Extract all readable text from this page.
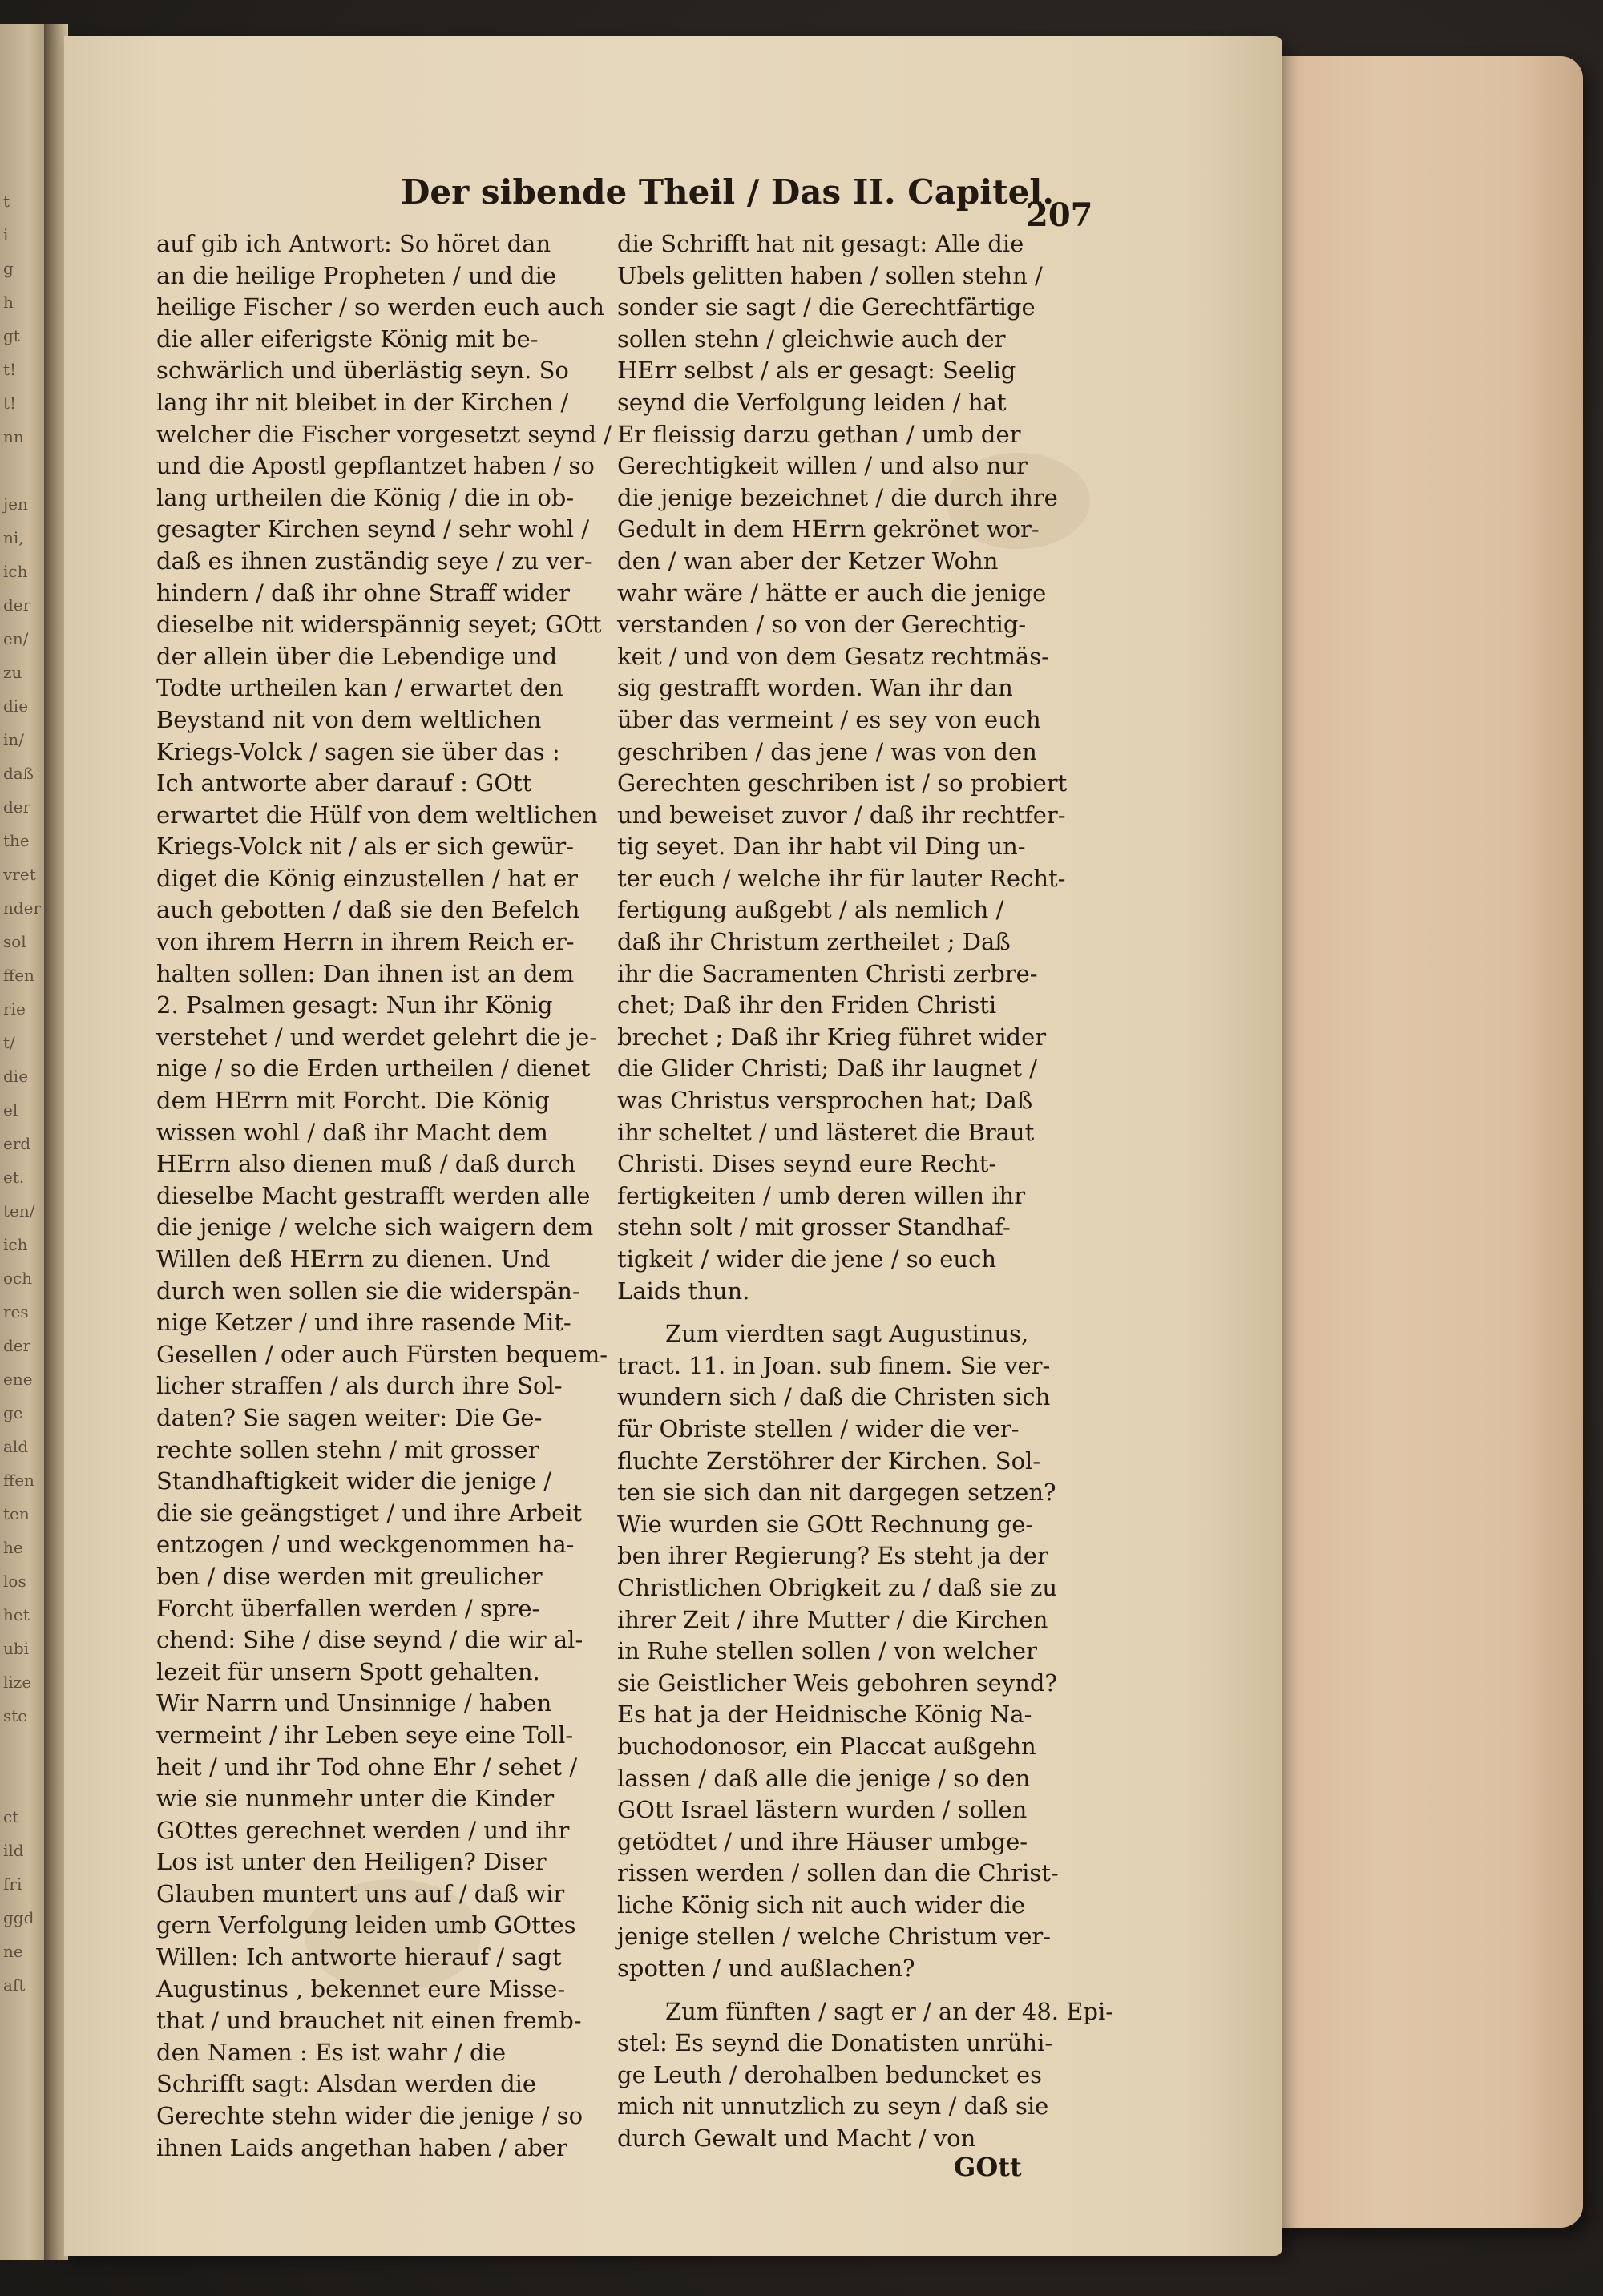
t
i
g
h
gt
t!
t!
nn
jen
ni,
ich
der
en/
zu
die
in/
daß
der
the
vret
nder
sol
ffen
rie
t/
die
el
erd
et.
ten/
ich
och
res
der
ene
ge
ald
ffen
ten
he
los
het
ubi
lize
ste
ct
ild
fri
ggd
ne
aft
Der sibende Theil / Das II. Capitel.
207
auf gib ich Antwort: So höret dan
an die heilige Propheten / und die
heilige Fischer / so werden euch auch
die aller eiferigste König mit be-
schwärlich und überlästig seyn. So
lang ihr nit bleibet in der Kirchen /
welcher die Fischer vorgesetzt seynd /
und die Apostl gepflantzet haben / so
lang urtheilen die König / die in ob-
gesagter Kirchen seynd / sehr wohl /
daß es ihnen zuständig seye / zu ver-
hindern / daß ihr ohne Straff wider
dieselbe nit widerspännig seyet; GOtt
der allein über die Lebendige und
Todte urtheilen kan / erwartet den
Beystand nit von dem weltlichen
Kriegs-Volck / sagen sie über das :
Ich antworte aber darauf : GOtt
erwartet die Hülf von dem weltlichen
Kriegs-Volck nit / als er sich gewür-
diget die König einzustellen / hat er
auch gebotten / daß sie den Befelch
von ihrem Herrn in ihrem Reich er-
halten sollen: Dan ihnen ist an dem
2. Psalmen gesagt: Nun ihr König
verstehet / und werdet gelehrt die je-
nige / so die Erden urtheilen / dienet
dem HErrn mit Forcht. Die König
wissen wohl / daß ihr Macht dem
HErrn also dienen muß / daß durch
dieselbe Macht gestrafft werden alle
die jenige / welche sich waigern dem
Willen deß HErrn zu dienen. Und
durch wen sollen sie die widerspän-
nige Ketzer / und ihre rasende Mit-
Gesellen / oder auch Fürsten bequem-
licher straffen / als durch ihre Sol-
daten? Sie sagen weiter: Die Ge-
rechte sollen stehn / mit grosser
Standhaftigkeit wider die jenige /
die sie geängstiget / und ihre Arbeit
entzogen / und weckgenommen ha-
ben / dise werden mit greulicher
Forcht überfallen werden / spre-
chend: Sihe / dise seynd / die wir al-
lezeit für unsern Spott gehalten.
Wir Narrn und Unsinnige / haben
vermeint / ihr Leben seye eine Toll-
heit / und ihr Tod ohne Ehr / sehet /
wie sie nunmehr unter die Kinder
GOttes gerechnet werden / und ihr
Los ist unter den Heiligen? Diser
Glauben muntert uns auf / daß wir
gern Verfolgung leiden umb GOttes
Willen: Ich antworte hierauf / sagt
Augustinus , bekennet eure Misse-
that / und brauchet nit einen fremb-
den Namen : Es ist wahr / die
Schrifft sagt: Alsdan werden die
Gerechte stehn wider die jenige / so
ihnen Laids angethan haben / aber
die Schrifft hat nit gesagt: Alle die
Ubels gelitten haben / sollen stehn /
sonder sie sagt / die Gerechtfärtige
sollen stehn / gleichwie auch der
HErr selbst / als er gesagt: Seelig
seynd die Verfolgung leiden / hat
Er fleissig darzu gethan / umb der
Gerechtigkeit willen / und also nur
die jenige bezeichnet / die durch ihre
Gedult in dem HErrn gekrönet wor-
den / wan aber der Ketzer Wohn
wahr wäre / hätte er auch die jenige
verstanden / so von der Gerechtig-
keit / und von dem Gesatz rechtmäs-
sig gestrafft worden. Wan ihr dan
über das vermeint / es sey von euch
geschriben / das jene / was von den
Gerechten geschriben ist / so probiert
und beweiset zuvor / daß ihr rechtfer-
tig seyet. Dan ihr habt vil Ding un-
ter euch / welche ihr für lauter Recht-
fertigung außgebt / als nemlich /
daß ihr Christum zertheilet ; Daß
ihr die Sacramenten Christi zerbre-
chet; Daß ihr den Friden Christi
brechet ; Daß ihr Krieg führet wider
die Glider Christi; Daß ihr laugnet /
was Christus versprochen hat; Daß
ihr scheltet / und lästeret die Braut
Christi. Dises seynd eure Recht-
fertigkeiten / umb deren willen ihr
stehn solt / mit grosser Standhaf-
tigkeit / wider die jene / so euch
Laids thun.
Zum vierdten sagt Augustinus,
tract. 11. in Joan. sub finem. Sie ver-
wundern sich / daß die Christen sich
für Obriste stellen / wider die ver-
fluchte Zerstöhrer der Kirchen. Sol-
ten sie sich dan nit dargegen setzen?
Wie wurden sie GOtt Rechnung ge-
ben ihrer Regierung? Es steht ja der
Christlichen Obrigkeit zu / daß sie zu
ihrer Zeit / ihre Mutter / die Kirchen
in Ruhe stellen sollen / von welcher
sie Geistlicher Weis gebohren seynd?
Es hat ja der Heidnische König Na-
buchodonosor, ein Placcat außgehn
lassen / daß alle die jenige / so den
GOtt Israel lästern wurden / sollen
getödtet / und ihre Häuser umbge-
rissen werden / sollen dan die Christ-
liche König sich nit auch wider die
jenige stellen / welche Christum ver-
spotten / und außlachen?
Zum fünften / sagt er / an der 48. Epi-
stel: Es seynd die Donatisten unrühi-
ge Leuth / derohalben beduncket es
mich nit unnutzlich zu seyn / daß sie
durch Gewalt und Macht / von
GOtt
